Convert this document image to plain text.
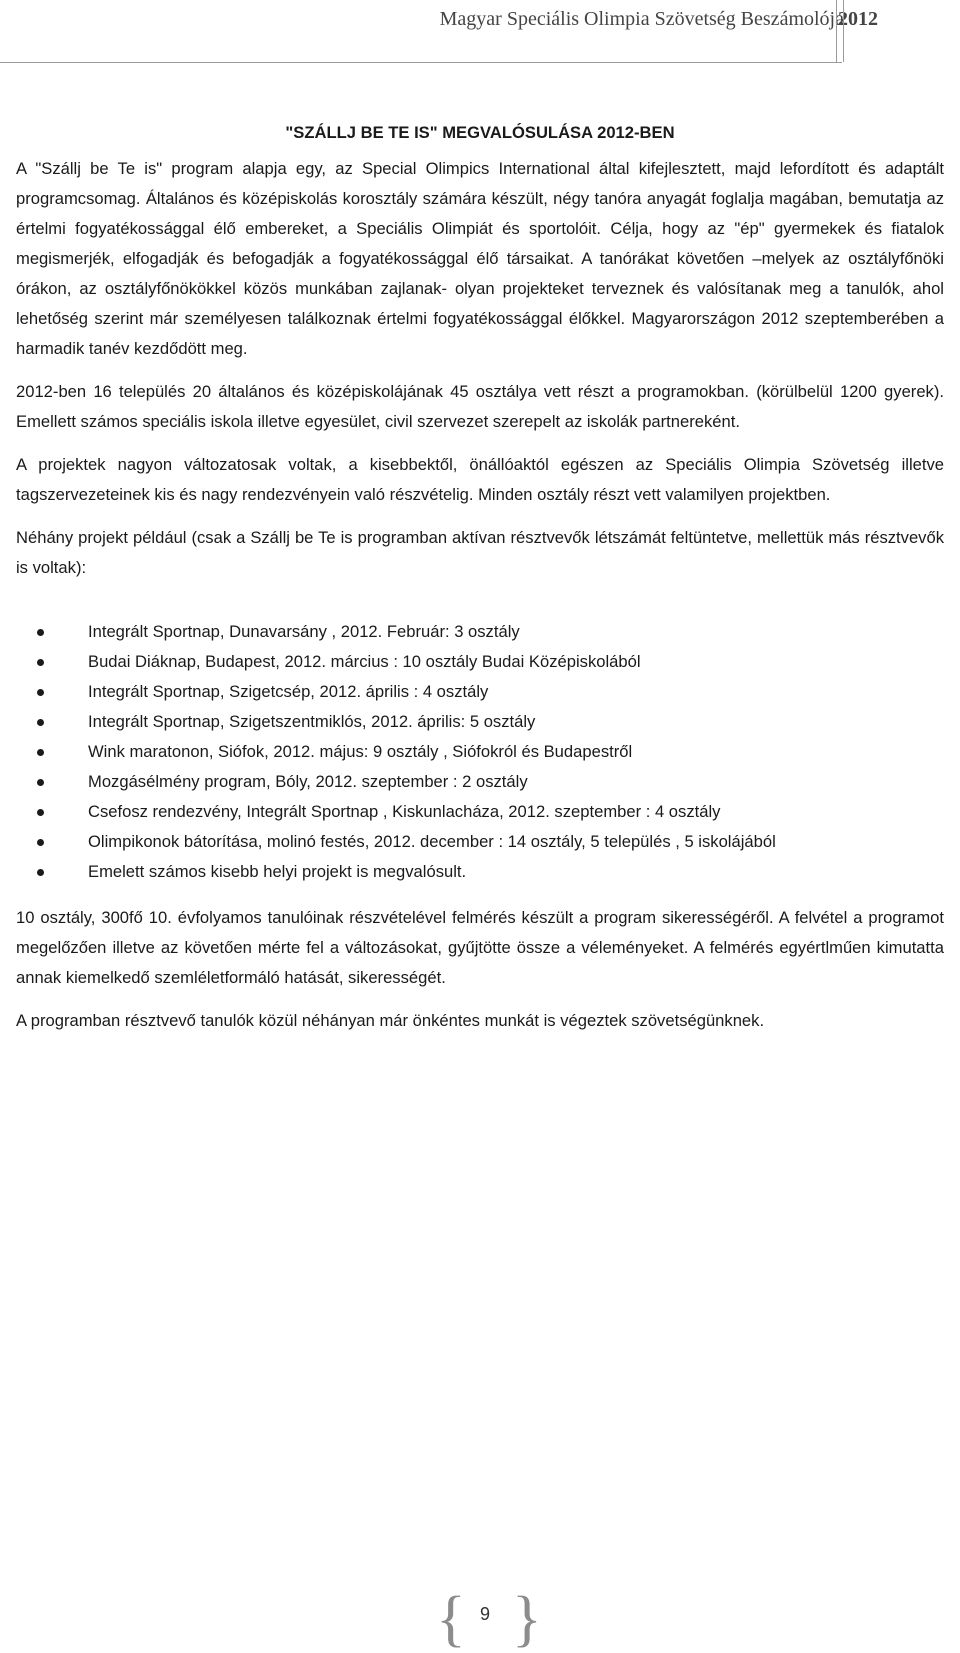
Magyar Speciális Olimpia Szövetség Beszámolója
2012
"SZÁLLJ BE TE IS" MEGVALÓSULÁSA 2012-BEN

A "Szállj be Te is" program alapja egy, az Special Olimpics International által kifejlesztett, majd lefordított és adaptált programcsomag. Általános és középiskolás korosztály számára készült, négy tanóra anyagát foglalja magában, bemutatja az értelmi fogyatékossággal élő embereket, a Speciális Olimpiát és sportolóit. Célja, hogy az "ép" gyermekek és fiatalok megismerjék, elfogadják és befogadják a fogyatékossággal élő társaikat. A tanórákat követően –melyek az osztályfőnöki órákon, az osztályfőnökökkel közös munkában zajlanak- olyan projekteket terveznek és valósítanak meg a tanulók, ahol lehetőség szerint már személyesen találkoznak értelmi fogyatékossággal élőkkel. Magyarországon 2012 szeptemberében a harmadik tanév kezdődött meg.

2012-ben 16 település 20 általános és középiskolájának 45 osztálya vett részt a programokban. (körülbelül 1200 gyerek). Emellett számos speciális iskola illetve egyesület, civil szervezet szerepelt az iskolák partnereként.

A projektek nagyon változatosak voltak, a kisebbektől, önállóaktól egészen az Speciális Olimpia Szövetség illetve tagszervezeteinek kis és nagy rendezvényein való részvételig. Minden osztály részt vett valamilyen projektben.

Néhány projekt például (csak a Szállj be Te is programban aktívan résztvevők létszámát feltüntetve, mellettük más résztvevők is voltak):

Integrált Sportnap, Dunavarsány , 2012. Február: 3 osztály
Budai Diáknap, Budapest, 2012. március : 10 osztály Budai Középiskolából
Integrált Sportnap, Szigetcsép, 2012. április : 4 osztály
Integrált Sportnap, Szigetszentmiklós, 2012. április: 5 osztály
Wink maratonon, Siófok, 2012. május: 9 osztály , Siófokról és Budapestről
Mozgásélmény program, Bóly, 2012. szeptember : 2 osztály
Csefosz rendezvény, Integrált Sportnap , Kiskunlacháza, 2012. szeptember : 4 osztály
Olimpikonok bátorítása, molinó festés, 2012. december : 14 osztály, 5 település , 5 iskolájából
Emelett számos kisebb helyi projekt is megvalósult.

10 osztály, 300fő 10. évfolyamos tanulóinak részvételével felmérés készült a program sikerességéről. A felvétel a programot megelőzően illetve az követően mérte fel a változásokat, gyűjtötte össze a véleményeket. A felmérés egyértlműen kimutatta annak kiemelkedő szemléletformáló hatását, sikerességét.

A programban résztvevő tanulók közül néhányan már önkéntes munkát is végeztek szövetségünknek.

{ 9 }
